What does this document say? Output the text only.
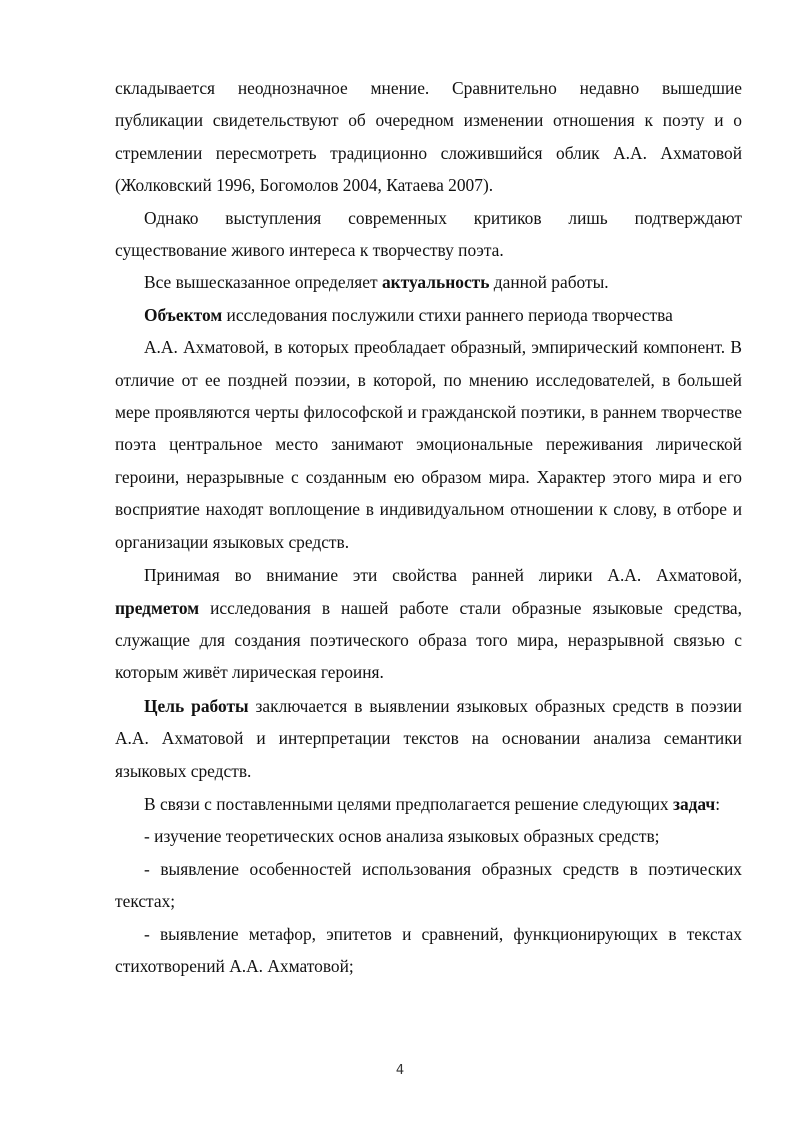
складывается неоднозначное мнение. Сравнительно недавно вышедшие публикации свидетельствуют об очередном изменении отношения к поэту и о стремлении пересмотреть традиционно сложившийся облик А.А. Ахматовой (Жолковский 1996, Богомолов 2004, Катаева 2007).

Однако выступления современных критиков лишь подтверждают существование живого интереса к творчеству поэта.

Все вышесказанное определяет актуальность данной работы.

Объектом исследования послужили стихи раннего периода творчества

А.А. Ахматовой, в которых преобладает образный, эмпирический компонент. В отличие от ее поздней поэзии, в которой, по мнению исследователей, в большей мере проявляются черты философской и гражданской поэтики, в раннем творчестве поэта центральное место занимают эмоциональные переживания лирической героини, неразрывные с созданным ею образом мира. Характер этого мира и его восприятие находят воплощение в индивидуальном отношении к слову, в отборе и организации языковых средств.

Принимая во внимание эти свойства ранней лирики А.А. Ахматовой, предметом исследования в нашей работе стали образные языковые средства, служащие для создания поэтического образа того мира, неразрывной связью с которым живёт лирическая героиня.

Цель работы заключается в выявлении языковых образных средств в поэзии А.А. Ахматовой и интерпретации текстов на основании анализа семантики языковых средств.

В связи с поставленными целями предполагается решение следующих задач:

- изучение теоретических основ анализа языковых образных средств;

- выявление особенностей использования образных средств в поэтических текстах;

- выявление метафор, эпитетов и сравнений, функционирующих в текстах стихотворений А.А. Ахматовой;

4
